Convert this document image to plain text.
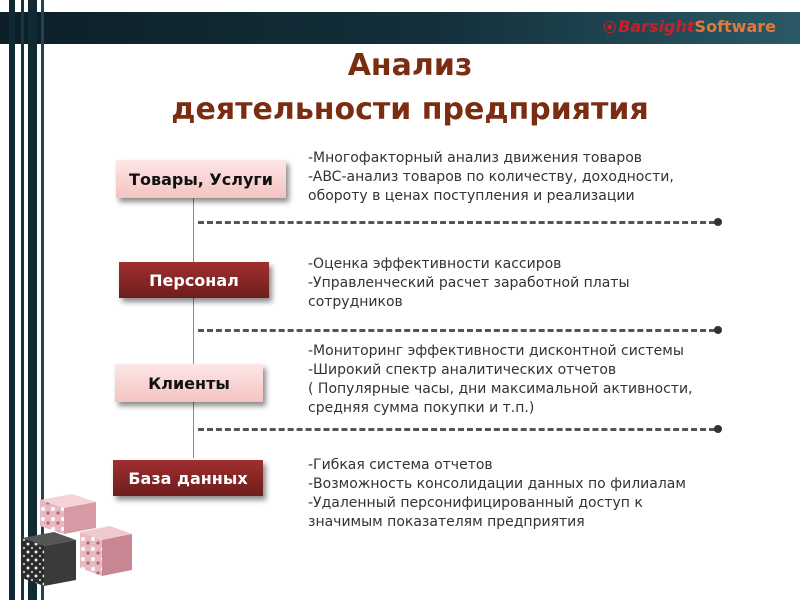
⦿ BarsightSoftware
Анализ
деятельности предприятия
Товары, Услуги
-Многофакторный анализ движения товаров
-ABC-анализ товаров по количеству, доходности,
обороту в ценах поступления и реализации
Персонал
-Оценка эффективности кассиров
-Управленческий расчет заработной платы
сотрудников
Клиенты
-Мониторинг эффективности дисконтной системы
-Широкий спектр аналитических отчетов
( Популярные часы, дни максимальной активности,
средняя сумма покупки и т.п.)
База данных
-Гибкая система отчетов
-Возможность консолидации данных по филиалам
-Удаленный персонифицированный доступ к
значимым показателям предприятия
